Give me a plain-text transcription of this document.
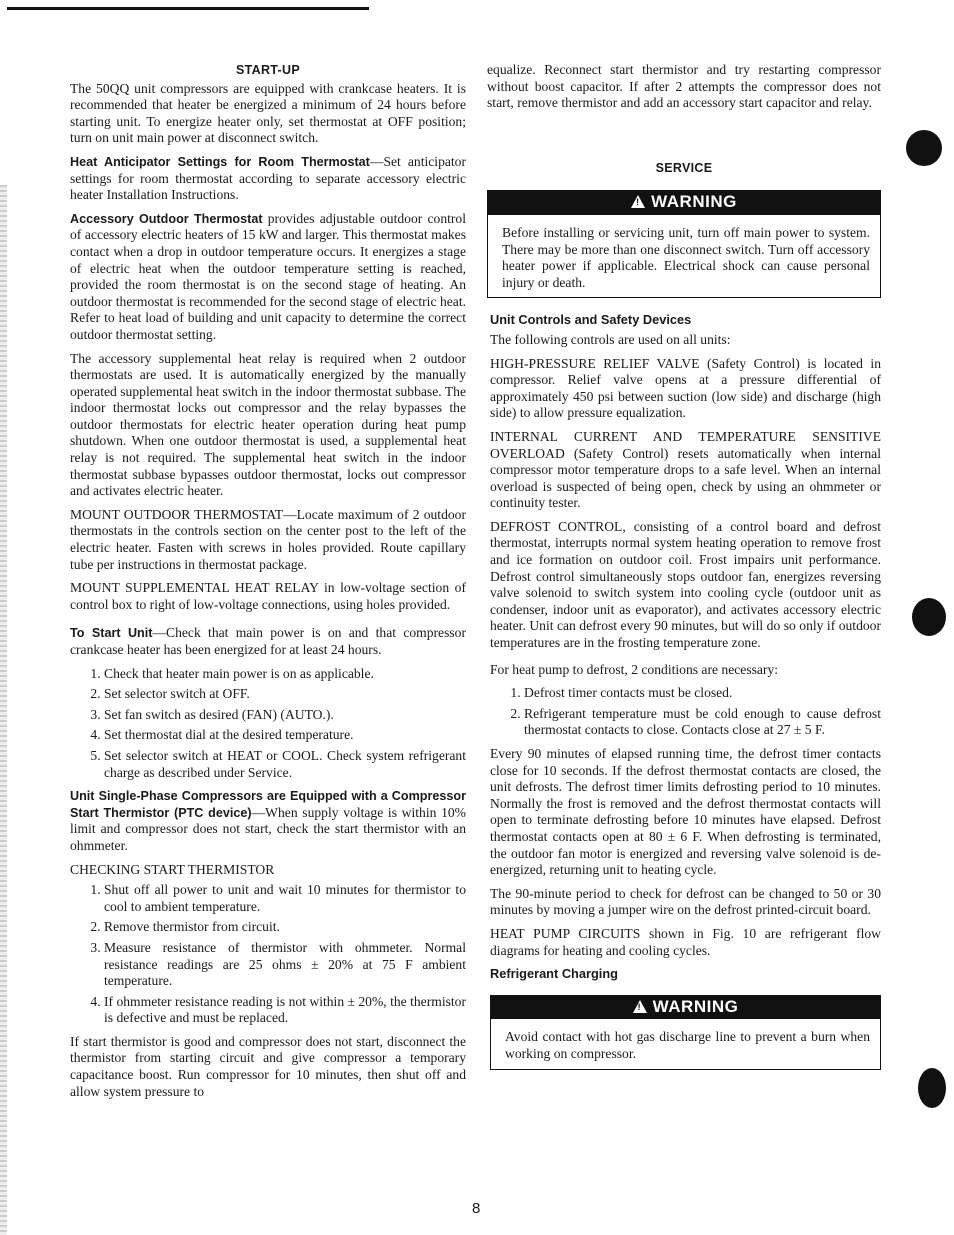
START-UP

The 50QQ unit compressors are equipped with crankcase heaters. It is recommended that heater be energized a minimum of 24 hours before starting unit. To energize heater only, set thermostat at OFF position; turn on unit main power at disconnect switch.

Heat Anticipator Settings for Room Thermostat—Set anticipator settings for room thermostat according to separate accessory electric heater Installation Instructions.

Accessory Outdoor Thermostat provides adjustable outdoor control of accessory electric heaters of 15 kW and larger. This thermostat makes contact when a drop in outdoor temperature occurs. It energizes a stage of electric heat when the outdoor temperature setting is reached, provided the room thermostat is on the second stage of heating. An outdoor thermostat is recommended for the second stage of electric heat. Refer to heat load of building and unit capacity to determine the correct outdoor thermostat setting.

The accessory supplemental heat relay is required when 2 outdoor thermostats are used. It is automatically energized by the manually operated supplemental heat switch in the indoor thermostat subbase. The indoor thermostat locks out compressor and the relay bypasses the outdoor thermostats for electric heater operation during heat pump shutdown. When one outdoor thermostat is used, a supplemental heat relay is not required. The supplemental heat switch in the indoor thermostat subbase bypasses outdoor thermostat, locks out compressor and activates electric heater.

MOUNT OUTDOOR THERMOSTAT—Locate maximum of 2 outdoor thermostats in the controls section on the center post to the left of the electric heater. Fasten with screws in holes provided. Route capillary tube per instructions in thermostat package.

MOUNT SUPPLEMENTAL HEAT RELAY in low-voltage section of control box to right of low-voltage connections, using holes provided.

To Start Unit—Check that main power is on and that compressor crankcase heater has been energized for at least 24 hours.

1. Check that heater main power is on as applicable.
2. Set selector switch at OFF.
3. Set fan switch as desired (FAN) (AUTO.).
4. Set thermostat dial at the desired temperature.
5. Set selector switch at HEAT or COOL. Check system refrigerant charge as described under Service.

Unit Single-Phase Compressors are Equipped with a Compressor Start Thermistor (PTC device)—When supply voltage is within 10% limit and compressor does not start, check the start thermistor with an ohmmeter.

CHECKING START THERMISTOR

1. Shut off all power to unit and wait 10 minutes for thermistor to cool to ambient temperature.
2. Remove thermistor from circuit.
3. Measure resistance of thermistor with ohmmeter. Normal resistance readings are 25 ohms ± 20% at 75 F ambient temperature.
4. If ohmmeter resistance reading is not within ± 20%, the thermistor is defective and must be replaced.

If start thermistor is good and compressor does not start, disconnect the thermistor from starting circuit and give compressor a temporary capacitance boost. Run compressor for 10 minutes, then shut off and allow system pressure to

equalize. Reconnect start thermistor and try restarting compressor without boost capacitor. If after 2 attempts the compressor does not start, remove thermistor and add an accessory start capacitor and relay.

SERVICE
!WARNING
Before installing or servicing unit, turn off main power to system. There may be more than one disconnect switch. Turn off accessory heater power if applicable. Electrical shock can cause personal injury or death.
Unit Controls and Safety Devices

The following controls are used on all units:

HIGH-PRESSURE RELIEF VALVE (Safety Control) is located in compressor. Relief valve opens at a pressure differential of approximately 450 psi between suction (low side) and discharge (high side) to allow pressure equalization.

INTERNAL CURRENT AND TEMPERATURE SENSITIVE OVERLOAD (Safety Control) resets automatically when internal compressor motor temperature drops to a safe level. When an internal overload is suspected of being open, check by using an ohmmeter or continuity tester.

DEFROST CONTROL, consisting of a control board and defrost thermostat, interrupts normal system heating operation to remove frost and ice formation on outdoor coil. Frost impairs unit performance. Defrost control simultaneously stops outdoor fan, energizes reversing valve solenoid to switch system into cooling cycle (outdoor unit as condenser, indoor unit as evaporator), and activates accessory electric heater. Unit can defrost every 90 minutes, but will do so only if outdoor temperatures are in the frosting temperature zone.

For heat pump to defrost, 2 conditions are necessary:

1. Defrost timer contacts must be closed.
2. Refrigerant temperature must be cold enough to cause defrost thermostat contacts to close. Contacts close at 27 ± 5 F.

Every 90 minutes of elapsed running time, the defrost timer contacts close for 10 seconds. If the defrost thermostat contacts are closed, the unit defrosts. The defrost timer limits defrosting period to 10 minutes. Normally the frost is removed and the defrost thermostat contacts will open to terminate defrosting before 10 minutes have elapsed. Defrost thermostat contacts open at 80 ± 6 F. When defrosting is terminated, the outdoor fan motor is energized and reversing valve solenoid is de-energized, returning unit to heating cycle.

The 90-minute period to check for defrost can be changed to 50 or 30 minutes by moving a jumper wire on the defrost printed-circuit board.

HEAT PUMP CIRCUITS shown in Fig. 10 are refrigerant flow diagrams for heating and cooling cycles.

Refrigerant Charging
!WARNING
Avoid contact with hot gas discharge line to prevent a burn when working on compressor.
8
